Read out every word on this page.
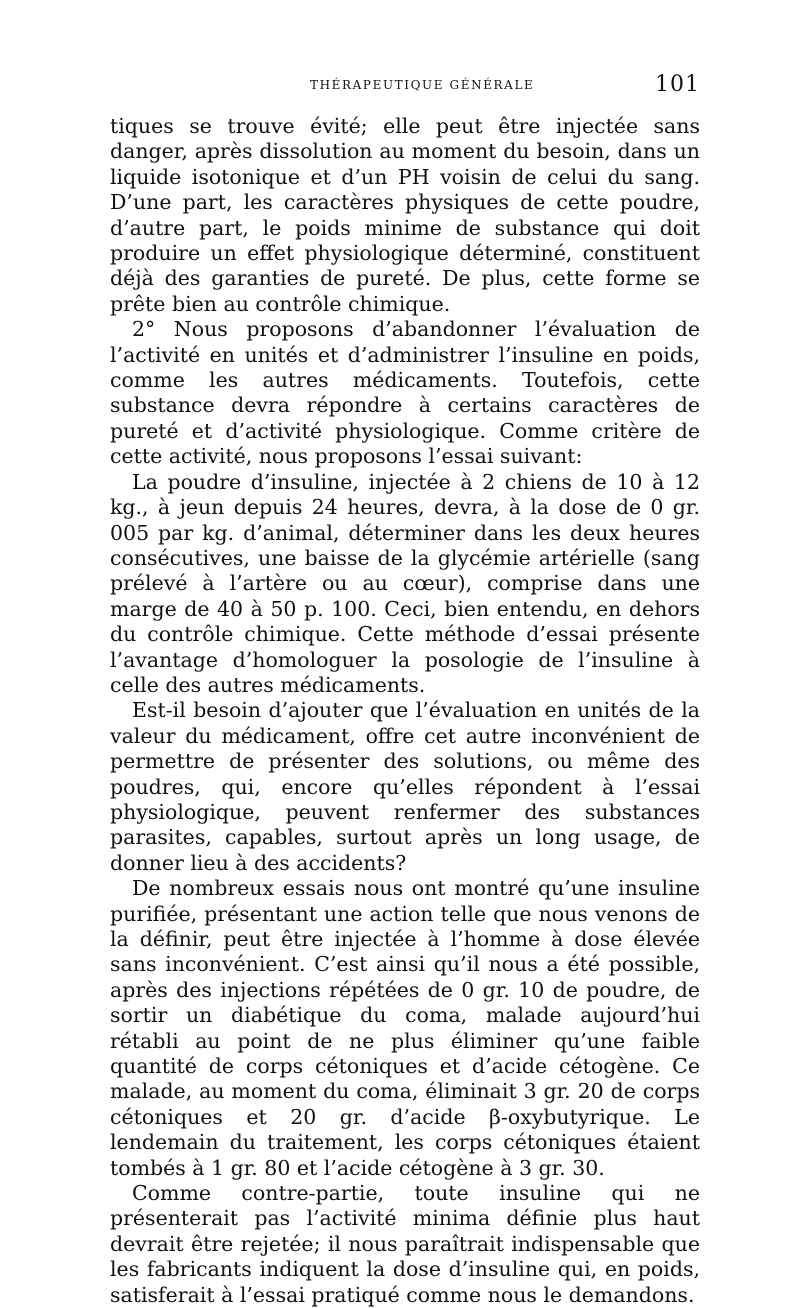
THÉRAPEUTIQUE GÉNÉRALE	101

tiques se trouve évité; elle peut être injectée sans danger, après dissolution au moment du besoin, dans un liquide isotonique et d’un PH voisin de celui du sang. D’une part, les caractères physiques de cette poudre, d’autre part, le poids minime de substance qui doit produire un effet physiologique déterminé, constituent déjà des garanties de pureté. De plus, cette forme se prête bien au contrôle chimique.

2° Nous proposons d’abandonner l’évaluation de l’activité en unités et d’administrer l’insuline en poids, comme les autres médicaments. Toutefois, cette substance devra répondre à certains caractères de pureté et d’activité physiologique. Comme critère de cette activité, nous proposons l’essai suivant:

La poudre d’insuline, injectée à 2 chiens de 10 à 12 kg., à jeun depuis 24 heures, devra, à la dose de 0 gr. 005 par kg. d’animal, déterminer dans les deux heures consécutives, une baisse de la glycémie artérielle (sang prélevé à l’artère ou au cœur), comprise dans une marge de 40 à 50 p. 100. Ceci, bien entendu, en dehors du contrôle chimique. Cette méthode d’essai présente l’avantage d’homologuer la posologie de l’insuline à celle des autres médicaments.

Est-il besoin d’ajouter que l’évaluation en unités de la valeur du médicament, offre cet autre inconvénient de permettre de présenter des solutions, ou même des poudres, qui, encore qu’elles répondent à l’essai physiologique, peuvent renfermer des substances parasites, capables, surtout après un long usage, de donner lieu à des accidents?

De nombreux essais nous ont montré qu’une insuline purifiée, présentant une action telle que nous venons de la définir, peut être injectée à l’homme à dose élevée sans inconvénient. C’est ainsi qu’il nous a été possible, après des injections répétées de 0 gr. 10 de poudre, de sortir un diabétique du coma, malade aujourd’hui rétabli au point de ne plus éliminer qu’une faible quantité de corps cétoniques et d’acide cétogène. Ce malade, au moment du coma, éliminait 3 gr. 20 de corps cétoniques et 20 gr. d’acide β-oxybutyrique. Le lendemain du traitement, les corps cétoniques étaient tombés à 1 gr. 80 et l’acide cétogène à 3 gr. 30.

Comme contre-partie, toute insuline qui ne présenterait pas l’activité minima définie plus haut devrait être rejetée; il nous paraîtrait indispensable que les fabricants indiquent la dose d’insuline qui, en poids, satisferait à l’essai pratiqué comme nous le demandons.
